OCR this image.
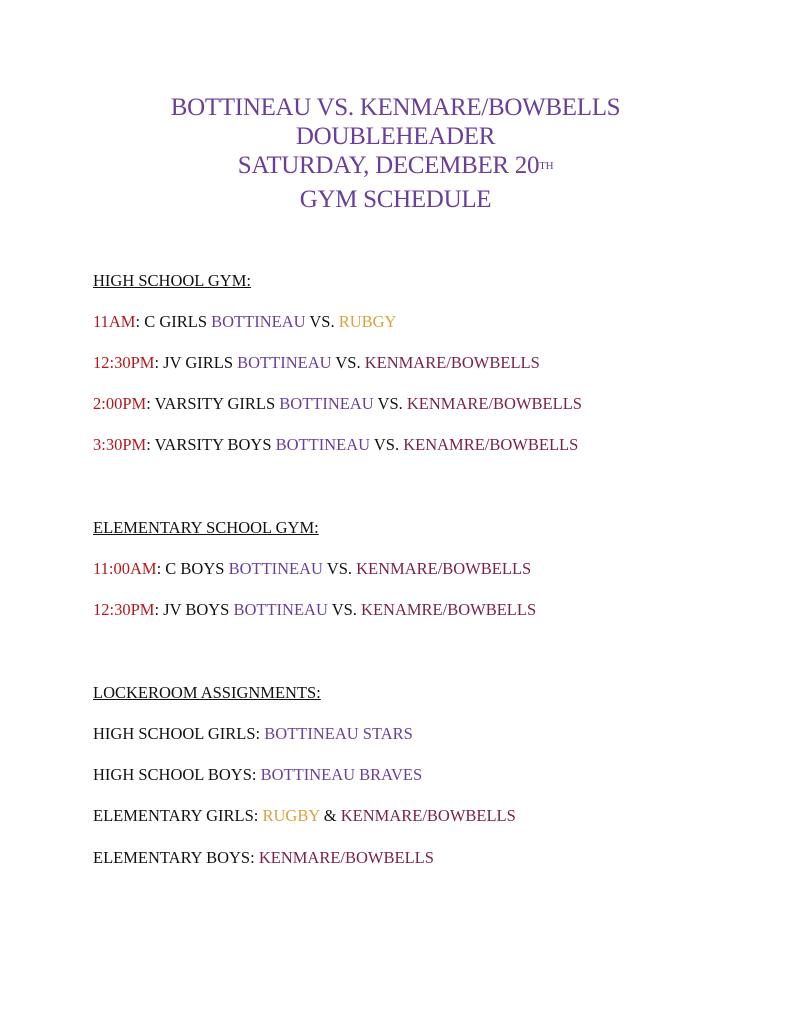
BOTTINEAU VS. KENMARE/BOWBELLS
DOUBLEHEADER
SATURDAY, DECEMBER 20TH
GYM SCHEDULE
HIGH SCHOOL GYM:
11AM: C GIRLS BOTTINEAU VS. RUBGY
12:30PM: JV GIRLS BOTTINEAU VS. KENMARE/BOWBELLS
2:00PM: VARSITY GIRLS BOTTINEAU VS. KENMARE/BOWBELLS
3:30PM: VARSITY BOYS BOTTINEAU VS. KENAMRE/BOWBELLS
ELEMENTARY SCHOOL GYM:
11:00AM: C BOYS BOTTINEAU VS. KENMARE/BOWBELLS
12:30PM: JV BOYS BOTTINEAU VS. KENAMRE/BOWBELLS
LOCKEROOM ASSIGNMENTS:
HIGH SCHOOL GIRLS: BOTTINEAU STARS
HIGH SCHOOL BOYS: BOTTINEAU BRAVES
ELEMENTARY GIRLS: RUGBY & KENMARE/BOWBELLS
ELEMENTARY BOYS: KENMARE/BOWBELLS
